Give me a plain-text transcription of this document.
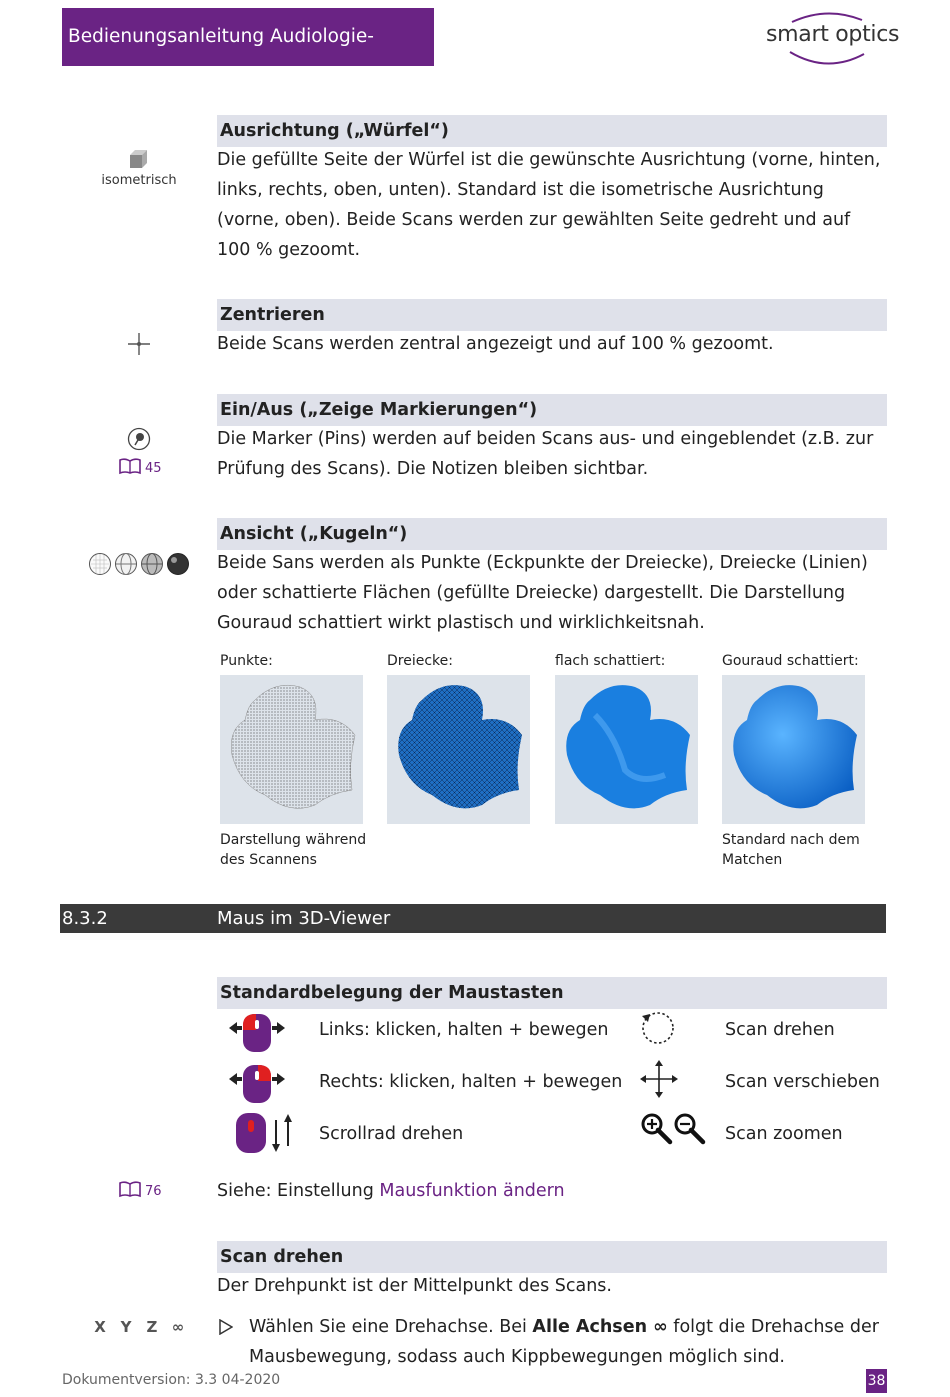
Bedienungsanleitung Audiologie-Scanner
smart optics
Ausrichtung („Würfel“)
isometrisch
Die gefüllte Seite der Würfel ist die gewünschte Ausrichtung (vorne, hinten, links, rechts, oben, unten). Standard ist die isometrische Ausrichtung (vorne, oben). Beide Scans werden zur gewählten Seite gedreht und auf 100 % gezoomt.
Zentrieren
Beide Scans werden zentral angezeigt und auf 100 % gezoomt.
Ein/Aus („Zeige Markierungen“)
45
Die Marker (Pins) werden auf beiden Scans aus- und eingeblendet (z.B. zur Prüfung des Scans). Die Notizen bleiben sichtbar.
Ansicht („Kugeln“)
Beide Sans werden als Punkte (Eckpunkte der Dreiecke), Dreiecke (Linien) oder schattierte Flächen (gefüllte Dreiecke) dargestellt. Die Darstellung Gouraud schattiert wirkt plastisch und wirklichkeitsnah.
Punkte:	Dreiecke:	flach schattiert:	Gouraud schattiert:
Darstellung während des Scannens
Standard nach dem Matchen
8.3.2	Maus im 3D-Viewer
Standardbelegung der Maustasten
Links: klicken, halten + bewegen	Scan drehen
Rechts: klicken, halten + bewegen	Scan verschieben
Scrollrad drehen	Scan zoomen
76	Siehe: Einstellung Mausfunktion ändern
Scan drehen
Der Drehpunkt ist der Mittelpunkt des Scans.
X Y	Z ∞	Wählen Sie eine Drehachse. Bei Alle Achsen ∞ folgt die Drehachse der Mausbewegung, sodass auch Kippbewegungen möglich sind.
Dokumentversion: 3.3 04-2020	38
